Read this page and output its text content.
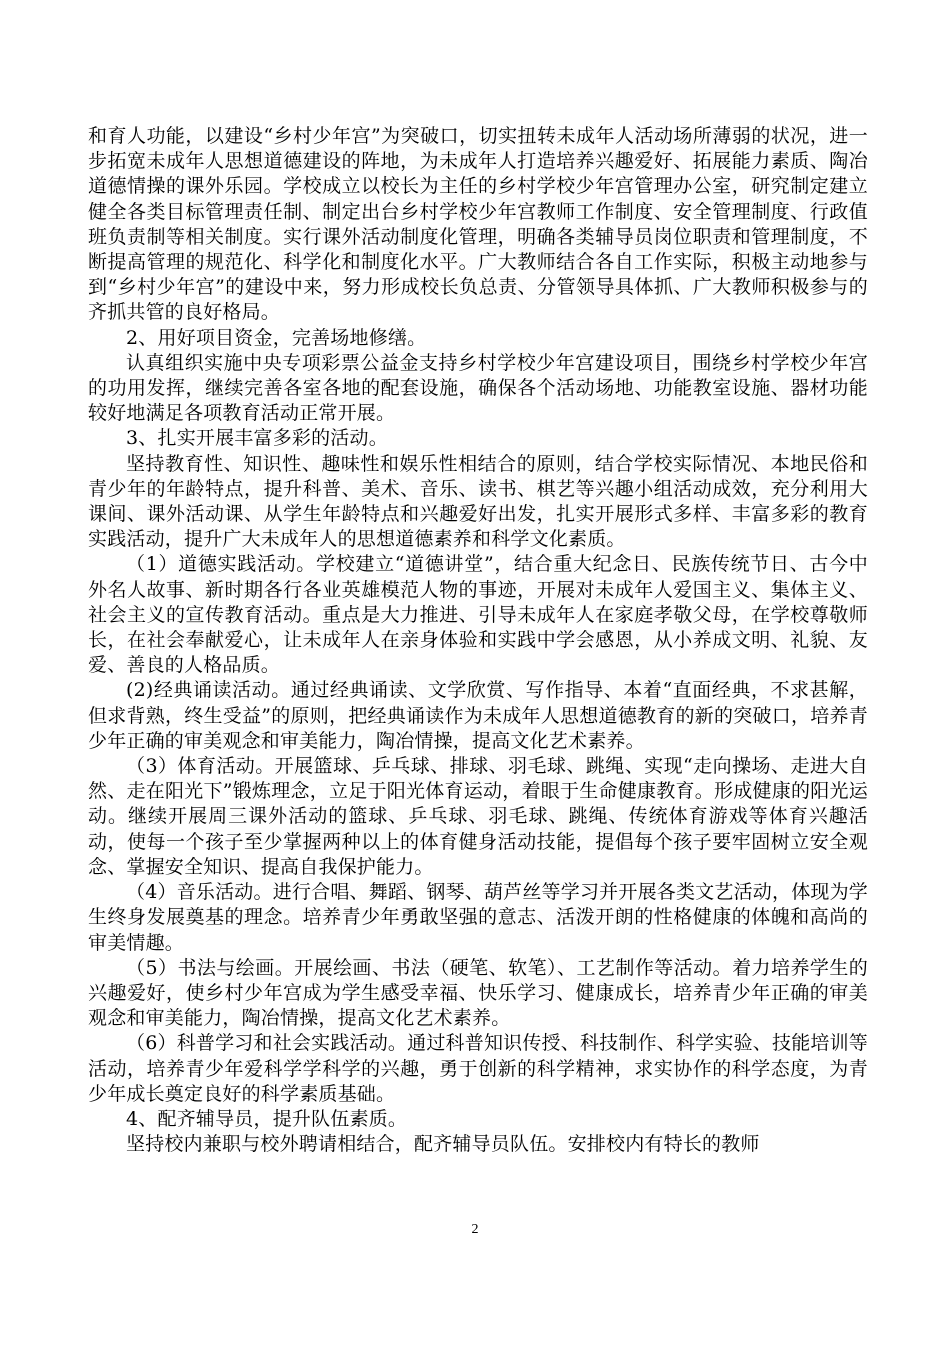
和育人功能，以建设“乡村少年宫”为突破口，切实扭转未成年人活动场所薄弱的状况，进一步拓宽未成年人思想道德建设的阵地，为未成年人打造培养兴趣爱好、拓展能力素质、陶冶道德情操的课外乐园。学校成立以校长为主任的乡村学校少年宫管理办公室，研究制定建立健全各类目标管理责任制、制定出台乡村学校少年宫教师工作制度、安全管理制度、行政值班负责制等相关制度。实行课外活动制度化管理，明确各类辅导员岗位职责和管理制度，不断提高管理的规范化、科学化和制度化水平。广大教师结合各自工作实际，积极主动地参与到“乡村少年宫”的建设中来，努力形成校长负总责、分管领导具体抓、广大教师积极参与的齐抓共管的良好格局。

2、用好项目资金，完善场地修缮。

认真组织实施中央专项彩票公益金支持乡村学校少年宫建设项目，围绕乡村学校少年宫的功用发挥，继续完善各室各地的配套设施，确保各个活动场地、功能教室设施、器材功能较好地满足各项教育活动正常开展。

3、扎实开展丰富多彩的活动。

坚持教育性、知识性、趣味性和娱乐性相结合的原则，结合学校实际情况、本地民俗和青少年的年龄特点，提升科普、美术、音乐、读书、棋艺等兴趣小组活动成效，充分利用大课间、课外活动课、从学生年龄特点和兴趣爱好出发，扎实开展形式多样、丰富多彩的教育实践活动，提升广大未成年人的思想道德素养和科学文化素质。

（1）道德实践活动。学校建立“道德讲堂”，结合重大纪念日、民族传统节日、古今中外名人故事、新时期各行各业英雄模范人物的事迹，开展对未成年人爱国主义、集体主义、社会主义的宣传教育活动。重点是大力推进、引导未成年人在家庭孝敬父母，在学校尊敬师长，在社会奉献爱心，让未成年人在亲身体验和实践中学会感恩，从小养成文明、礼貌、友爱、善良的人格品质。

(2)经典诵读活动。通过经典诵读、文学欣赏、写作指导、本着“直面经典，不求甚解，但求背熟，终生受益”的原则，把经典诵读作为未成年人思想道德教育的新的突破口，培养青少年正确的审美观念和审美能力，陶冶情操，提高文化艺术素养。

（3）体育活动。开展篮球、乒乓球、排球、羽毛球、跳绳、实现“走向操场、走进大自然、走在阳光下”锻炼理念，立足于阳光体育运动，着眼于生命健康教育。形成健康的阳光运动。继续开展周三课外活动的篮球、乒乓球、羽毛球、跳绳、传统体育游戏等体育兴趣活动，使每一个孩子至少掌握两种以上的体育健身活动技能，提倡每个孩子要牢固树立安全观念、掌握安全知识、提高自我保护能力。

（4）音乐活动。进行合唱、舞蹈、钢琴、葫芦丝等学习并开展各类文艺活动，体现为学生终身发展奠基的理念。培养青少年勇敢坚强的意志、活泼开朗的性格健康的体魄和高尚的审美情趣。

（5）书法与绘画。开展绘画、书法（硬笔、软笔）、工艺制作等活动。着力培养学生的兴趣爱好，使乡村少年宫成为学生感受幸福、快乐学习、健康成长，培养青少年正确的审美观念和审美能力，陶冶情操，提高文化艺术素养。

（6）科普学习和社会实践活动。通过科普知识传授、科技制作、科学实验、技能培训等活动，培养青少年爱科学学科学的兴趣，勇于创新的科学精神，求实协作的科学态度，为青少年成长奠定良好的科学素质基础。

4、配齐辅导员，提升队伍素质。

坚持校内兼职与校外聘请相结合，配齐辅导员队伍。安排校内有特长的教师

2
